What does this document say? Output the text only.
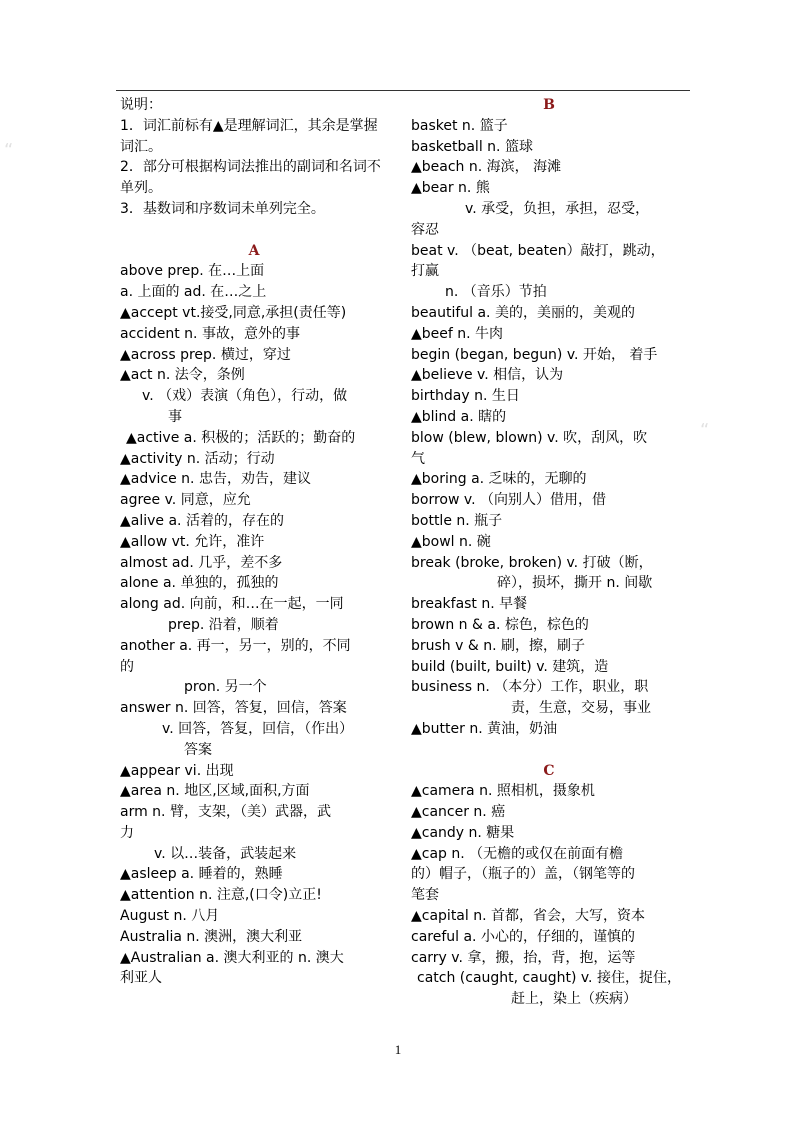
“
“
说明：
1．词汇前标有▲是理解词汇，其余是掌握词汇。
2．部分可根据构词法推出的副词和名词不单列。
3．基数词和序数词未单列完全。
A
above prep. 在…上面
a. 上面的 ad. 在…之上
▲accept vt.接受,同意,承担(责任等)
accident n. 事故，意外的事
▲across prep. 横过，穿过
▲act n. 法令，条例
v. （戏）表演（角色），行动，做
事
▲active a. 积极的；活跃的；勤奋的
▲activity n. 活动；行动
▲advice n. 忠告，劝告，建议
agree v. 同意，应允
▲alive a. 活着的，存在的
▲allow vt. 允许，准许
almost ad. 几乎，差不多
alone a. 单独的，孤独的
along ad. 向前，和…在一起，一同
prep. 沿着，顺着
another a. 再一，另一，别的，不同
的
pron. 另一个
answer n. 回答，答复，回信，答案
v. 回答，答复，回信，（作出）
答案
▲appear vi. 出现
▲area n. 地区,区域,面积,方面
arm n. 臂，支架，（美）武器，武
力
v. 以…装备，武装起来
▲asleep a. 睡着的，熟睡
▲attention n. 注意,(口令)立正!
August n. 八月
Australia n. 澳洲，澳大利亚
▲Australian a. 澳大利亚的 n. 澳大
利亚人
B
basket n. 篮子
basketball n. 篮球
▲beach n. 海滨， 海滩
▲bear n. 熊
v. 承受，负担，承担，忍受，
容忍
beat v. （beat, beaten）敲打，跳动，
打赢
n. （音乐）节拍
beautiful a. 美的，美丽的，美观的
▲beef n. 牛肉
begin (began, begun) v. 开始， 着手
▲believe v. 相信，认为
birthday n. 生日
▲blind a. 瞎的
blow (blew, blown) v. 吹，刮风，吹
气
▲boring a. 乏味的，无聊的
borrow v. （向别人）借用，借
bottle n. 瓶子
▲bowl n. 碗
break (broke, broken) v. 打破（断，
碎），损坏，撕开 n. 间歇
breakfast n. 早餐
brown n & a. 棕色，棕色的
brush v & n. 刷，擦，刷子
build (built, built) v. 建筑，造
business n. （本分）工作，职业，职
责，生意，交易，事业
▲butter n. 黄油，奶油
C
▲camera n. 照相机，摄象机
▲cancer n. 癌
▲candy n. 糖果
▲cap n. （无檐的或仅在前面有檐
的）帽子，（瓶子的）盖，（钢笔等的
笔套
▲capital n. 首都，省会，大写，资本
careful a. 小心的，仔细的，谨慎的
carry v. 拿，搬，抬，背，抱，运等
catch (caught, caught) v. 接住，捉住，
赶上，染上（疾病）
1
